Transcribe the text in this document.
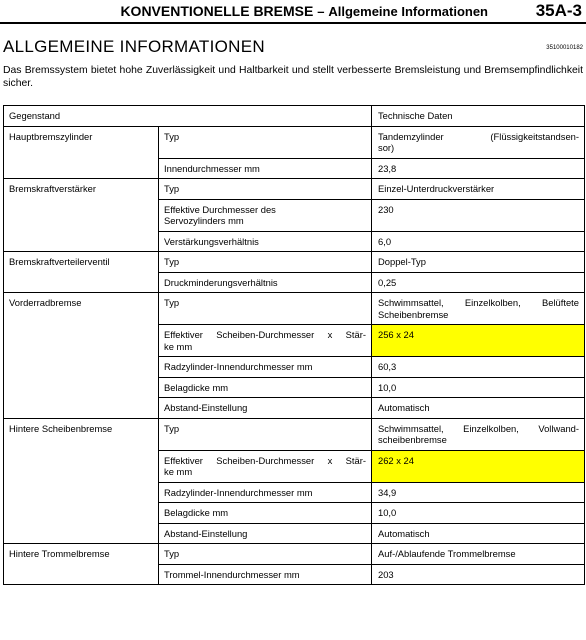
KONVENTIONELLE BREMSE – Allgemeine Informationen	35A-3
ALLGEMEINE INFORMATIONEN	35100010182
Das Bremssystem bietet hohe Zuverlässigkeit und Haltbarkeit und stellt verbesserte Bremsleistung und Bremsempfindlichkeit sicher.
Gegenstand		Technische Daten
Hauptbremszylinder	Typ	Tandemzylinder (Flüssigkeitstandsen-
sor)
	Innendurchmesser mm	23,8
Bremskraftverstärker	Typ	Einzel-Unterdruckverstärker

	Effektive Durchmesser des
Servozylinders mm	230
	Verstärkungsverhältnis	6,0
Bremskraftverteilerventil	Typ	Doppel-Typ
	Druckminderungsverhältnis	0,25
Vorderradbremse	Typ	Schwimmsattel, Einzelkolben, Belüftete
Scheibenbremse

	Effektiver Scheiben-Durchmesser x Stär-
ke mm	256 x 24
	Radzylinder-Innendurchmesser mm	60,3
	Belagdicke mm	10,0
	Abstand-Einstellung	Automatisch
Hintere Scheibenbremse	Typ	Schwimmsattel, Einzelkolben, Vollwand-
scheibenbremse

	Effektiver Scheiben-Durchmesser x Stär-
ke mm	262 x 24
	Radzylinder-Innendurchmesser mm	34,9
	Belagdicke mm	10,0
	Abstand-Einstellung	Automatisch
Hintere Trommelbremse	Typ	Auf-/Ablaufende Trommelbremse
	Trommel-Innendurchmesser mm	203
